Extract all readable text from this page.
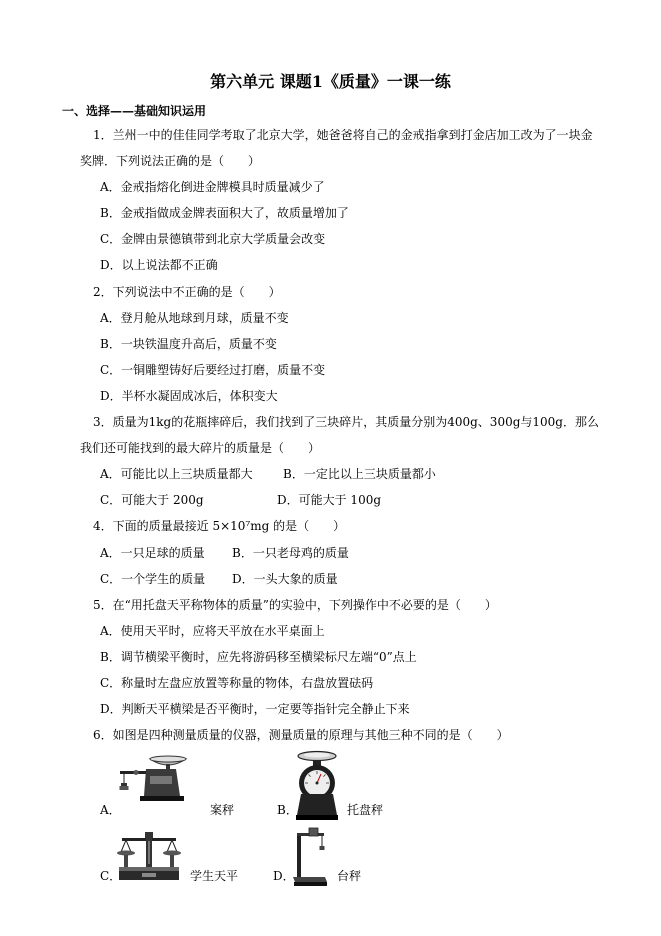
第六单元 课题1《质量》一课一练
一、选择——基础知识运用
1．兰州一中的佳佳同学考取了北京大学，她爸爸将自己的金戒指拿到打金店加工改为了一块金
奖牌．下列说法正确的是（　　）
A．金戒指熔化倒进金牌模具时质量减少了
B．金戒指做成金牌表面积大了，故质量增加了
C．金牌由景德镇带到北京大学质量会改变
D．以上说法都不正确
2．下列说法中不正确的是（　　）
A．登月舱从地球到月球，质量不变
B．一块铁温度升高后，质量不变
C．一铜雕塑铸好后要经过打磨，质量不变
D．半杯水凝固成冰后，体积变大
3．质量为1kg的花瓶摔碎后，我们找到了三块碎片，其质量分别为400g、300g与100g．那么
我们还可能找到的最大碎片的质量是（　　）
A．可能比以上三块质量都大	B．一定比以上三块质量都小
C．可能大于 200g	D．可能大于 100g
4．下面的质量最接近 5×10⁷mg 的是（　　）
A．一只足球的质量 B．一只老母鸡的质量
C．一个学生的质量 D．一头大象的质量
5．在“用托盘天平称物体的质量”的实验中，下列操作中不必要的是（　　）
A．使用天平时，应将天平放在水平桌面上
B．调节横梁平衡时，应先将游码移至横梁标尺左端“0”点上
C．称量时左盘应放置等称量的物体，右盘放置砝码
D．判断天平横梁是否平衡时，一定要等指针完全静止下来
6．如图是四种测量质量的仪器，测量质量的原理与其他三种不同的是（　　）
A．	案秤	B．	托盘秤
C．	学生天平	D．	台秤
